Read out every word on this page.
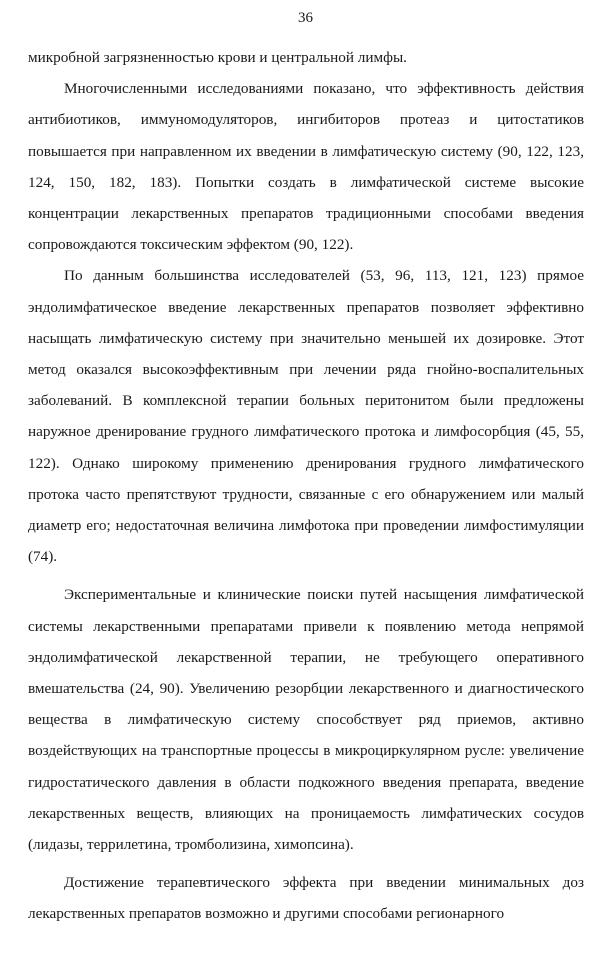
36

микробной загрязненностью крови и центральной лимфы.

Многочисленными исследованиями показано, что эффективность действия антибиотиков, иммуномодуляторов, ингибиторов протеаз и цитостатиков повышается при направленном их введении в лимфатическую систему (90, 122, 123, 124, 150, 182, 183). Попытки создать в лимфатической системе высокие концентрации лекарственных препаратов традиционными способами введения сопровождаются токсическим эффектом (90, 122).

По данным большинства исследователей (53, 96, 113, 121, 123) прямое эндолимфатическое введение лекарственных препаратов позволяет эффективно насыщать лимфатическую систему при значительно меньшей их дозировке. Этот метод оказался высокоэффективным при лечении ряда гнойно-воспалительных заболеваний. В комплексной терапии больных перитонитом были предложены наружное дренирование грудного лимфатического протока и лимфосорбция (45, 55, 122). Однако широкому применению дренирования грудного лимфатического протока часто препятствуют трудности, связанные с его обнаружением или малый диаметр его; недостаточная величина лимфотока при проведении лимфостимуляции (74).

Экспериментальные и клинические поиски путей насыщения лимфатической системы лекарственными препаратами привели к появлению метода непрямой эндолимфатической лекарственной терапии, не требующего оперативного вмешательства (24, 90). Увеличению резорбции лекарственного и диагностического вещества в лимфатическую систему способствует ряд приемов, активно воздействующих на транспортные процессы в микроциркулярном русле: увеличение гидростатического давления в области подкожного введения препарата, введение лекарственных веществ, влияющих на проницаемость лимфатических сосудов (лидазы, террилетина, тромболизина, химопсина).

Достижение терапевтического эффекта при введении минимальных доз лекарственных препаратов возможно и другими способами регионарного
